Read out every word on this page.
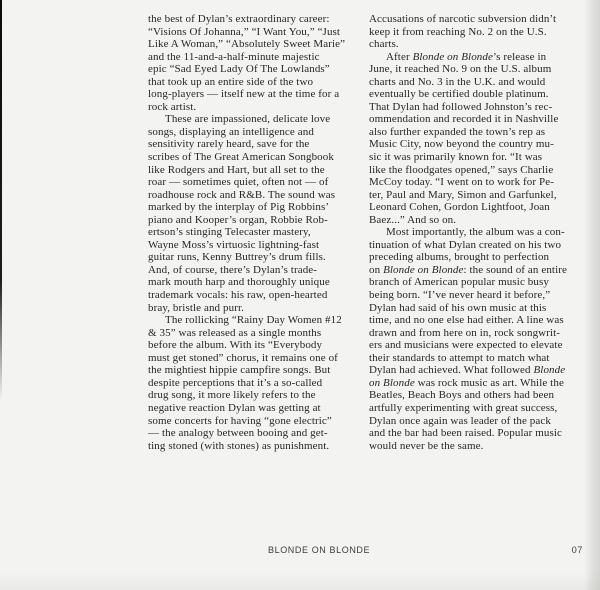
the best of Dylan’s extraordinary career:
“Visions Of Johanna,” “I Want You,” “Just
Like A Woman,” “Absolutely Sweet Marie”
and the 11-and-a-half-minute majestic
epic “Sad Eyed Lady Of The Lowlands”
that took up an entire side of the two
long-players — itself new at the time for a
rock artist.
These are impassioned, delicate love
songs, displaying an intelligence and
sensitivity rarely heard, save for the
scribes of The Great American Songbook
like Rodgers and Hart, but all set to the
roar — sometimes quiet, often not — of
roadhouse rock and R&B. The sound was
marked by the interplay of Pig Robbins’
piano and Kooper’s organ, Robbie Rob-
ertson’s stinging Telecaster mastery,
Wayne Moss’s virtuosic lightning-fast
guitar runs, Kenny Buttrey’s drum fills.
And, of course, there’s Dylan’s trade-
mark mouth harp and thoroughly unique
trademark vocals: his raw, open-hearted
bray, bristle and purr.
The rollicking “Rainy Day Women #12
& 35” was released as a single months
before the album. With its “Everybody
must get stoned” chorus, it remains one of
the mightiest hippie campfire songs. But
despite perceptions that it’s a so-called
drug song, it more likely refers to the
negative reaction Dylan was getting at
some concerts for having “gone electric”
— the analogy between booing and get-
ting stoned (with stones) as punishment.
Accusations of narcotic subversion didn’t
keep it from reaching No. 2 on the U.S.
charts.
After Blonde on Blonde’s release in
June, it reached No. 9 on the U.S. album
charts and No. 3 in the U.K. and would
eventually be certified double platinum.
That Dylan had followed Johnston’s rec-
ommendation and recorded it in Nashville
also further expanded the town’s rep as
Music City, now beyond the country mu-
sic it was primarily known for. “It was
like the floodgates opened,” says Charlie
McCoy today. “I went on to work for Pe-
ter, Paul and Mary, Simon and Garfunkel,
Leonard Cohen, Gordon Lightfoot, Joan
Baez...” And so on.
Most importantly, the album was a con-
tinuation of what Dylan created on his two
preceding albums, brought to perfection
on Blonde on Blonde: the sound of an entire
branch of American popular music busy
being born. “I’ve never heard it before,”
Dylan had said of his own music at this
time, and no one else had either. A line was
drawn and from here on in, rock songwrit-
ers and musicians were expected to elevate
their standards to attempt to match what
Dylan had achieved. What followed Blonde
on Blonde was rock music as art. While the
Beatles, Beach Boys and others had been
artfully experimenting with great success,
Dylan once again was leader of the pack
and the bar had been raised. Popular music
would never be the same.
BLONDE ON BLONDE	07
